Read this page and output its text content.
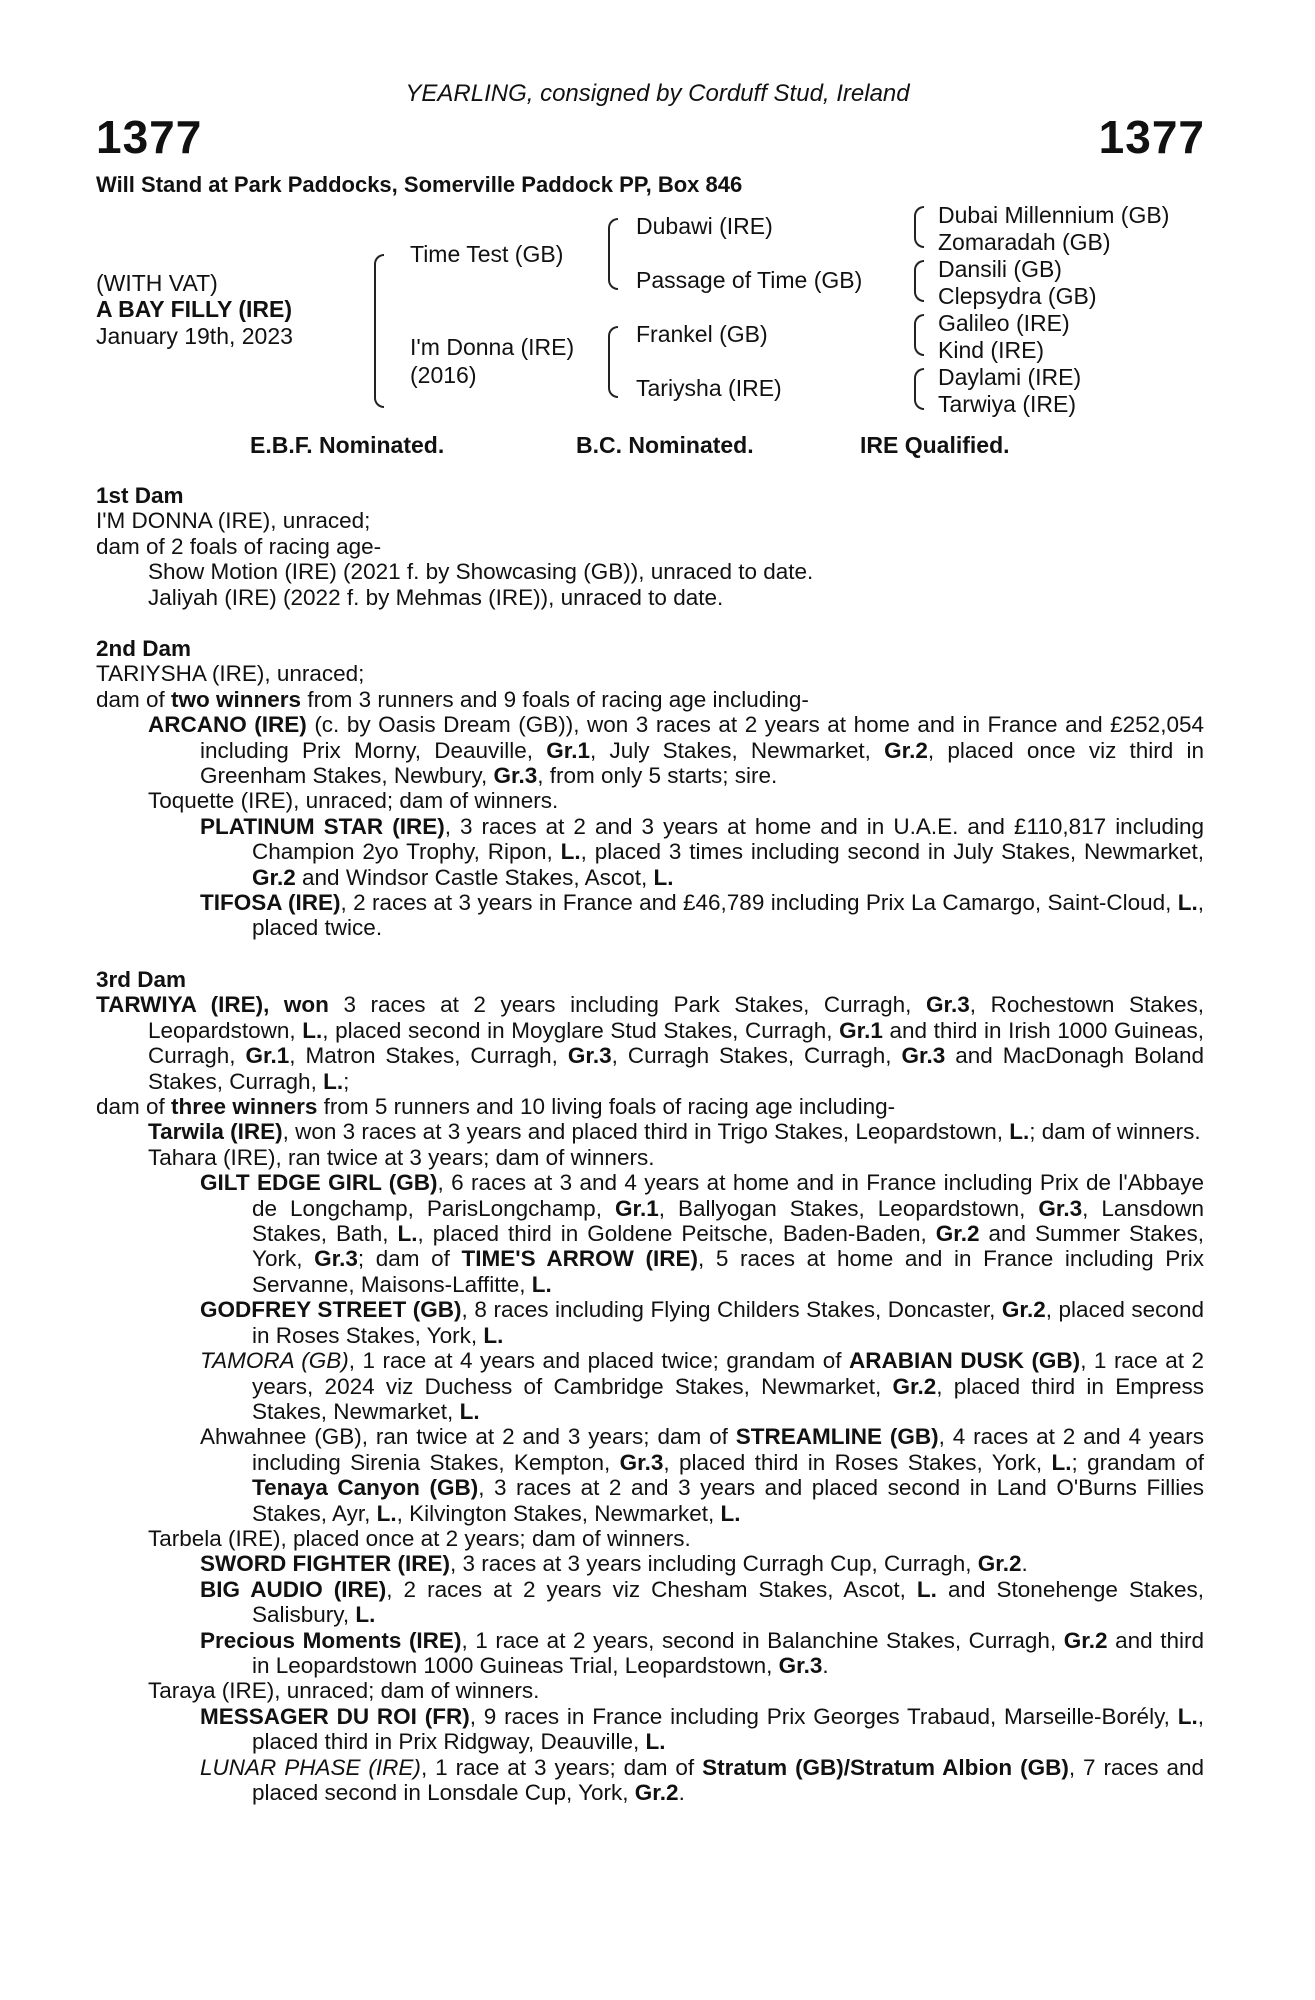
YEARLING, consigned by Corduff Stud, Ireland
1377	1377
Will Stand at Park Paddocks, Somerville Paddock PP, Box 846
(WITH VAT)
A BAY FILLY (IRE)
January 19th, 2023
Time Test (GB)
I'm Donna (IRE)
(2016)
Dubawi (IRE)
Passage of Time (GB)
Frankel (GB)
Tariysha (IRE)
Dubai Millennium (GB)
Zomaradah (GB)
Dansili (GB)
Clepsydra (GB)
Galileo (IRE)
Kind (IRE)
Daylami (IRE)
Tarwiya (IRE)
E.B.F. Nominated.	B.C. Nominated.	IRE Qualified.

1st Dam

I'M DONNA (IRE), unraced;

dam of 2 foals of racing age-

Show Motion (IRE) (2021 f. by Showcasing (GB)), unraced to date.

Jaliyah (IRE) (2022 f. by Mehmas (IRE)), unraced to date.

2nd Dam

TARIYSHA (IRE), unraced;

dam of two winners from 3 runners and 9 foals of racing age including-

ARCANO (IRE) (c. by Oasis Dream (GB)), won 3 races at 2 years at home and in France and £252,054 including Prix Morny, Deauville, Gr.1, July Stakes, Newmarket, Gr.2, placed once viz third in Greenham Stakes, Newbury, Gr.3, from only 5 starts; sire.

Toquette (IRE), unraced; dam of winners.

PLATINUM STAR (IRE), 3 races at 2 and 3 years at home and in U.A.E. and £110,817 including Champion 2yo Trophy, Ripon, L., placed 3 times including second in July Stakes, Newmarket, Gr.2 and Windsor Castle Stakes, Ascot, L.

TIFOSA (IRE), 2 races at 3 years in France and £46,789 including Prix La Camargo, Saint-Cloud, L., placed twice.

3rd Dam

TARWIYA (IRE), won 3 races at 2 years including Park Stakes, Curragh, Gr.3, Rochestown Stakes, Leopardstown, L., placed second in Moyglare Stud Stakes, Curragh, Gr.1 and third in Irish 1000 Guineas, Curragh, Gr.1, Matron Stakes, Curragh, Gr.3, Curragh Stakes, Curragh, Gr.3 and MacDonagh Boland Stakes, Curragh, L.;

dam of three winners from 5 runners and 10 living foals of racing age including-

Tarwila (IRE), won 3 races at 3 years and placed third in Trigo Stakes, Leopardstown, L.; dam of winners.

Tahara (IRE), ran twice at 3 years; dam of winners.

GILT EDGE GIRL (GB), 6 races at 3 and 4 years at home and in France including Prix de l'Abbaye de Longchamp, ParisLongchamp, Gr.1, Ballyogan Stakes, Leopardstown, Gr.3, Lansdown Stakes, Bath, L., placed third in Goldene Peitsche, Baden-Baden, Gr.2 and Summer Stakes, York, Gr.3; dam of TIME'S ARROW (IRE), 5 races at home and in France including Prix Servanne, Maisons-Laffitte, L.

GODFREY STREET (GB), 8 races including Flying Childers Stakes, Doncaster, Gr.2, placed second in Roses Stakes, York, L.

TAMORA (GB), 1 race at 4 years and placed twice; grandam of ARABIAN DUSK (GB), 1 race at 2 years, 2024 viz Duchess of Cambridge Stakes, Newmarket, Gr.2, placed third in Empress Stakes, Newmarket, L.

Ahwahnee (GB), ran twice at 2 and 3 years; dam of STREAMLINE (GB), 4 races at 2 and 4 years including Sirenia Stakes, Kempton, Gr.3, placed third in Roses Stakes, York, L.; grandam of Tenaya Canyon (GB), 3 races at 2 and 3 years and placed second in Land O'Burns Fillies Stakes, Ayr, L., Kilvington Stakes, Newmarket, L.

Tarbela (IRE), placed once at 2 years; dam of winners.

SWORD FIGHTER (IRE), 3 races at 3 years including Curragh Cup, Curragh, Gr.2.

BIG AUDIO (IRE), 2 races at 2 years viz Chesham Stakes, Ascot, L. and Stonehenge Stakes, Salisbury, L.

Precious Moments (IRE), 1 race at 2 years, second in Balanchine Stakes, Curragh, Gr.2 and third in Leopardstown 1000 Guineas Trial, Leopardstown, Gr.3.

Taraya (IRE), unraced; dam of winners.

MESSAGER DU ROI (FR), 9 races in France including Prix Georges Trabaud, Marseille-Borély, L., placed third in Prix Ridgway, Deauville, L.

LUNAR PHASE (IRE), 1 race at 3 years; dam of Stratum (GB)/Stratum Albion (GB), 7 races and placed second in Lonsdale Cup, York, Gr.2.
